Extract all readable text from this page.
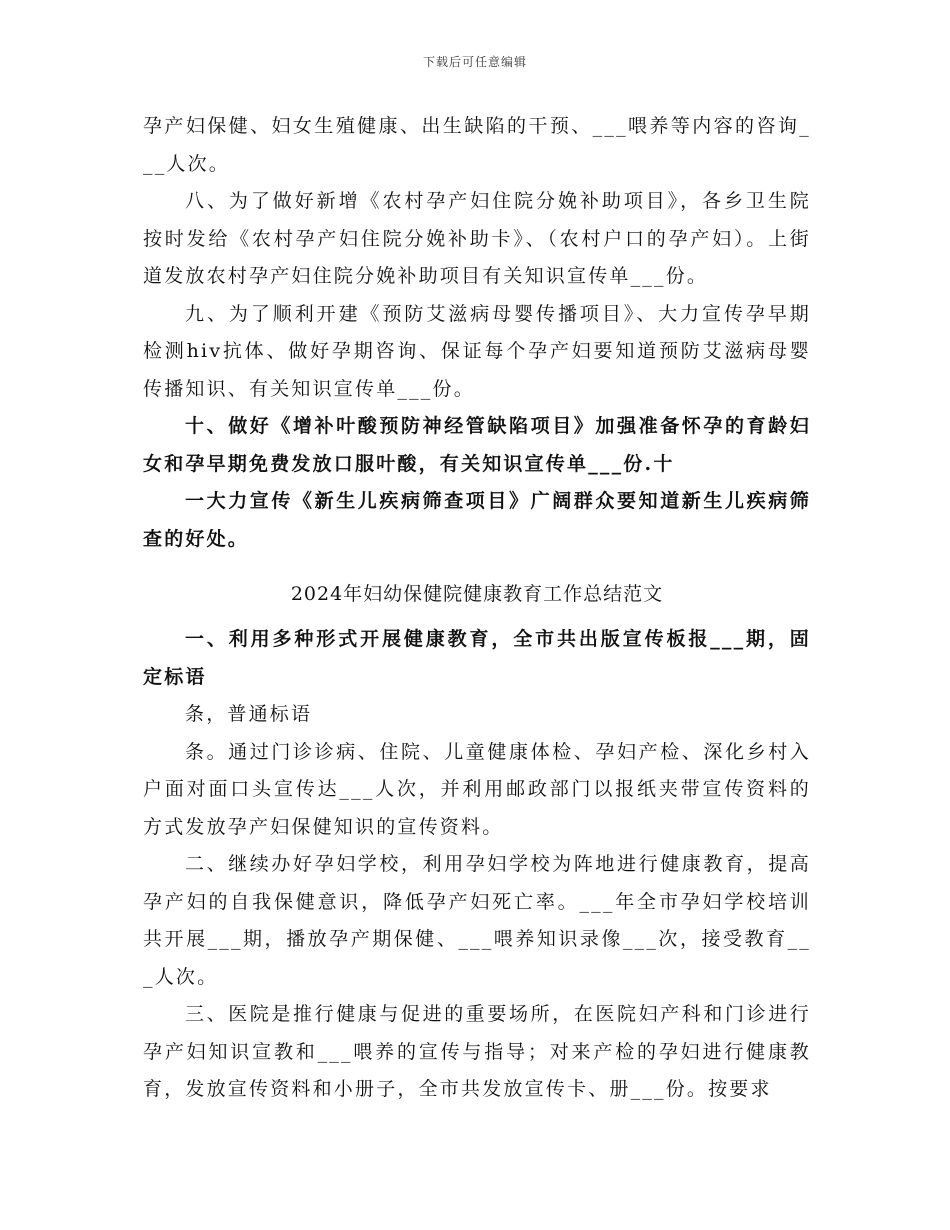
下载后可任意编辑

孕产妇保健、妇女生殖健康、出生缺陷的干预、___喂养等内容的咨询___人次。

八、为了做好新增《农村孕产妇住院分娩补助项目》，各乡卫生院按时发给《农村孕产妇住院分娩补助卡》、（农村户口的孕产妇）。上街道发放农村孕产妇住院分娩补助项目有关知识宣传单___份。

九、为了顺利开建《预防艾滋病母婴传播项目》、大力宣传孕早期检测hiv抗体、做好孕期咨询、保证每个孕产妇要知道预防艾滋病母婴传播知识、有关知识宣传单___份。

十、做好《增补叶酸预防神经管缺陷项目》加强准备怀孕的育龄妇女和孕早期免费发放口服叶酸，有关知识宣传单___份.十

一大力宣传《新生儿疾病筛查项目》广阔群众要知道新生儿疾病筛查的好处。

2024年妇幼保健院健康教育工作总结范文

一、利用多种形式开展健康教育，全市共出版宣传板报___期，固定标语

条，普通标语

条。通过门诊诊病、住院、儿童健康体检、孕妇产检、深化乡村入户面对面口头宣传达___人次，并利用邮政部门以报纸夹带宣传资料的方式发放孕产妇保健知识的宣传资料。

二、继续办好孕妇学校，利用孕妇学校为阵地进行健康教育，提高孕产妇的自我保健意识，降低孕产妇死亡率。___年全市孕妇学校培训共开展___期，播放孕产期保健、___喂养知识录像___次，接受教育___人次。

三、医院是推行健康与促进的重要场所，在医院妇产科和门诊进行孕产妇知识宣教和___喂养的宣传与指导；对来产检的孕妇进行健康教育，发放宣传资料和小册子，全市共发放宣传卡、册___份。按要求
